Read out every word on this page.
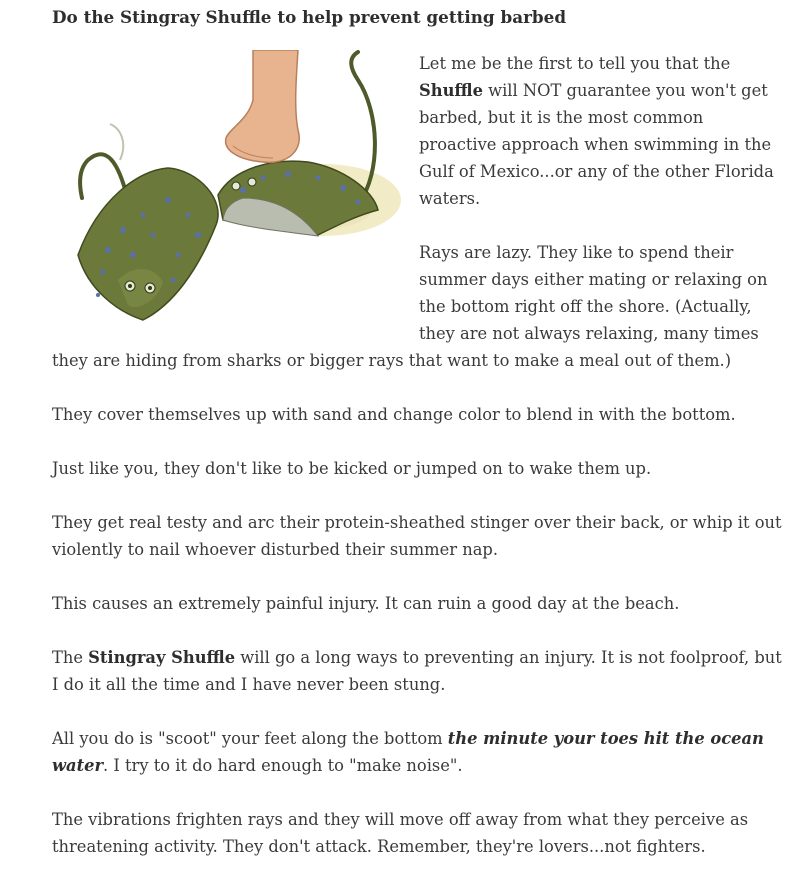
Do the Stingray Shuffle to help prevent getting barbed

Let me be the first to tell you that the Shuffle will NOT guarantee you won't get barbed, but it is the most common proactive approach when swimming in the Gulf of Mexico...or any of the other Florida waters.

Rays are lazy. They like to spend their summer days either mating or relaxing on the bottom right off the shore. (Actually, they are not always relaxing, many times they are hiding from sharks or bigger rays that want to make a meal out of them.)

They cover themselves up with sand and change color to blend in with the bottom.

Just like you, they don't like to be kicked or jumped on to wake them up.

They get real testy and arc their protein-sheathed stinger over their back, or whip it out violently to nail whoever disturbed their summer nap.

This causes an extremely painful injury. It can ruin a good day at the beach.

The Stingray Shuffle will go a long ways to preventing an injury. It is not foolproof, but I do it all the time and I have never been stung.

All you do is "scoot" your feet along the bottom the minute your toes hit the ocean water. I try to it do hard enough to "make noise".

The vibrations frighten rays and they will move off away from what they perceive as threatening activity. They don't attack. Remember, they're lovers...not fighters.
